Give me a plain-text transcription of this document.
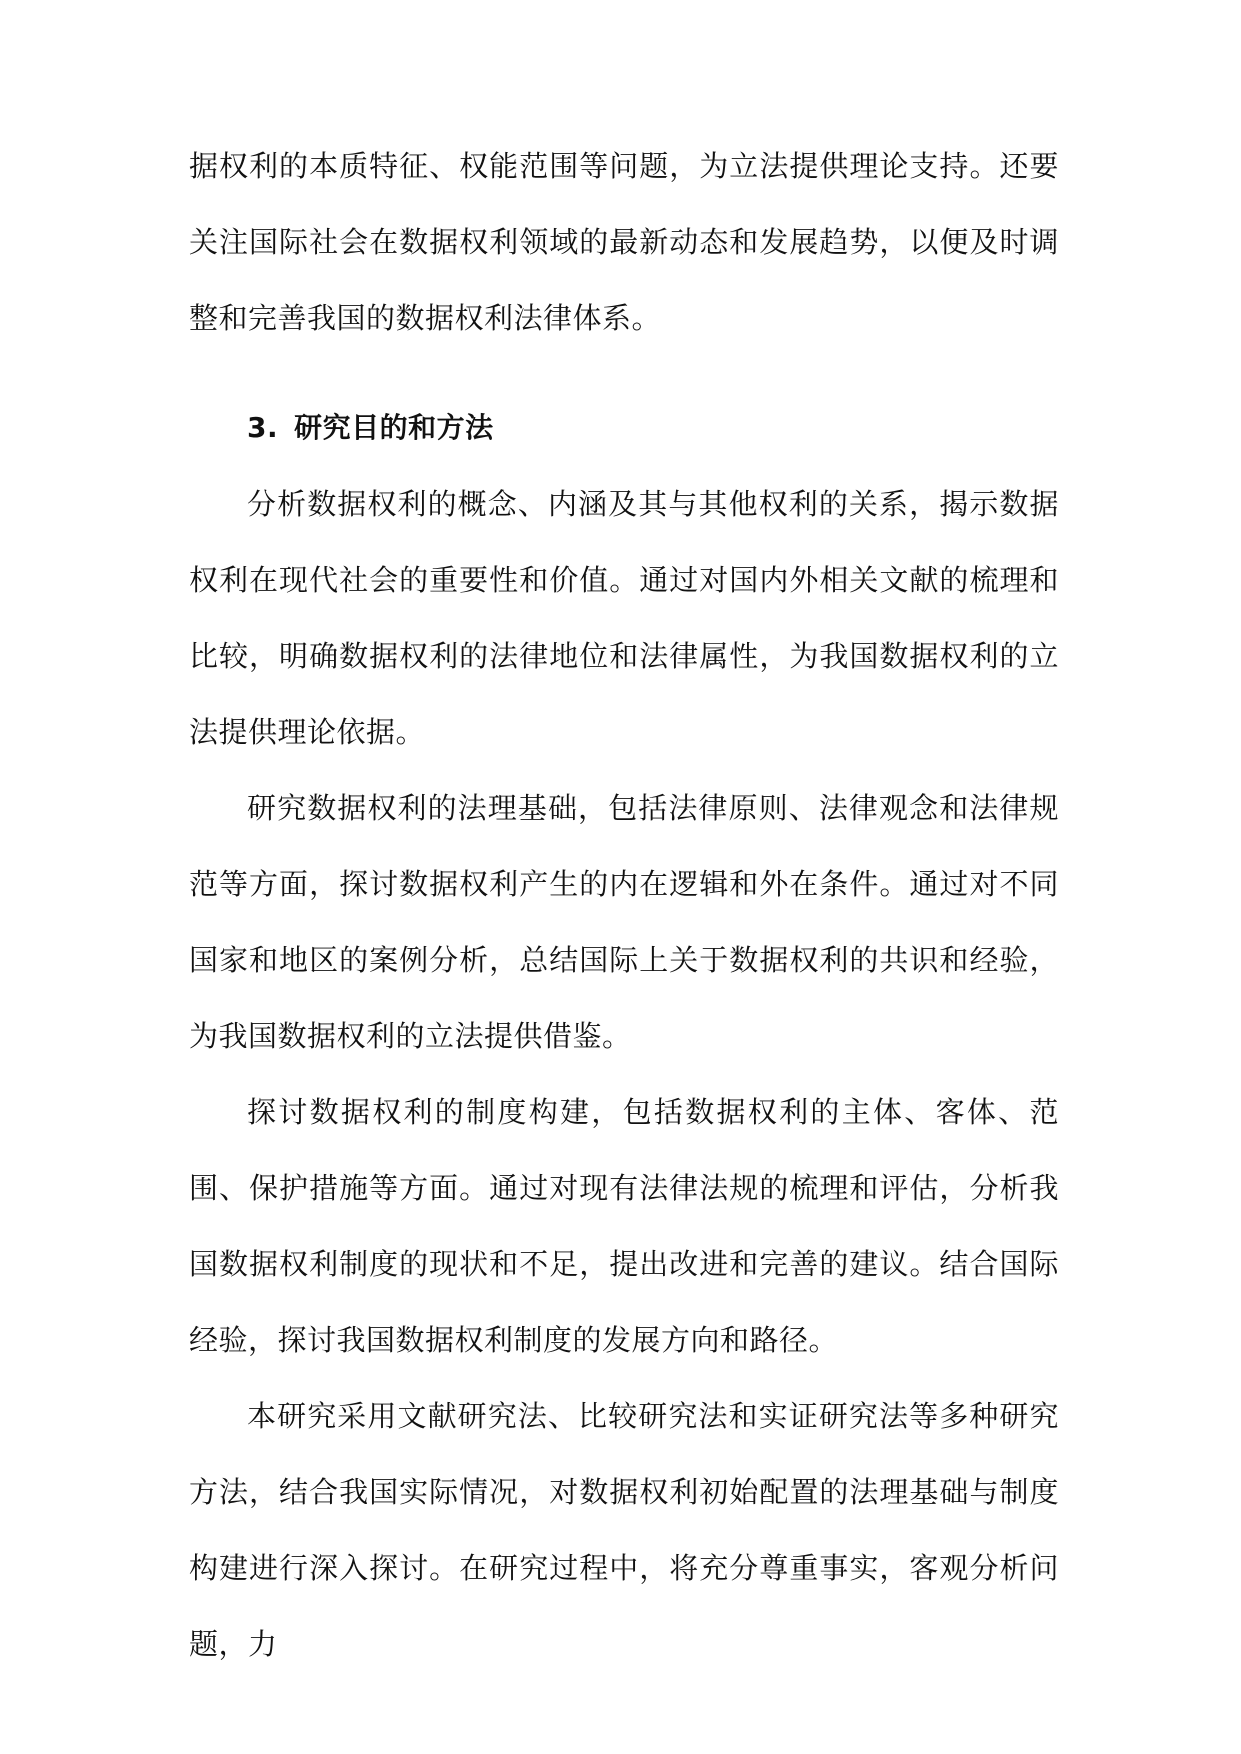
据权利的本质特征、权能范围等问题，为立法提供理论支持。还要关注国际社会在数据权利领域的最新动态和发展趋势，以便及时调整和完善我国的数据权利法律体系。

3. 研究目的和方法

分析数据权利的概念、内涵及其与其他权利的关系，揭示数据权利在现代社会的重要性和价值。通过对国内外相关文献的梳理和比较，明确数据权利的法律地位和法律属性，为我国数据权利的立法提供理论依据。

研究数据权利的法理基础，包括法律原则、法律观念和法律规范等方面，探讨数据权利产生的内在逻辑和外在条件。通过对不同国家和地区的案例分析，总结国际上关于数据权利的共识和经验，为我国数据权利的立法提供借鉴。

探讨数据权利的制度构建，包括数据权利的主体、客体、范围、保护措施等方面。通过对现有法律法规的梳理和评估，分析我国数据权利制度的现状和不足，提出改进和完善的建议。结合国际经验，探讨我国数据权利制度的发展方向和路径。

本研究采用文献研究法、比较研究法和实证研究法等多种研究方法，结合我国实际情况，对数据权利初始配置的法理基础与制度构建进行深入探讨。在研究过程中，将充分尊重事实，客观分析问题，力
